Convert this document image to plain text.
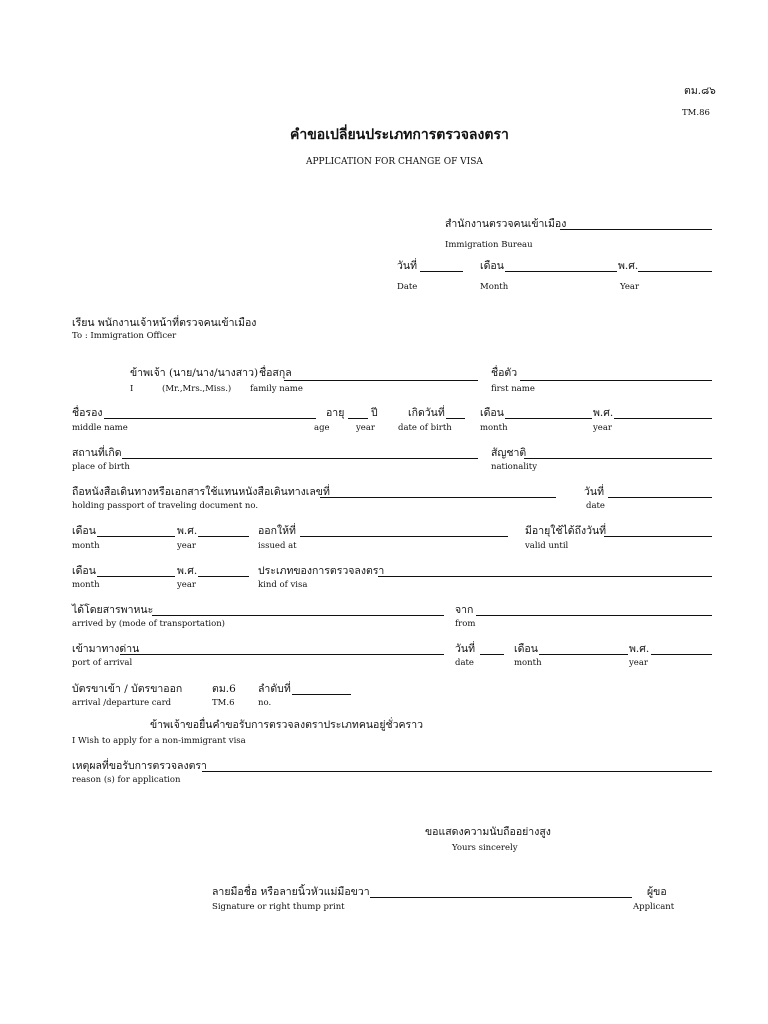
ตม.๘๖
TM.86
คำขอเปลี่ยนประเภทการตรวจลงตรา
APPLICATION FOR CHANGE OF VISA
สำนักงานตรวจคนเข้าเมือง
Immigration Bureau
วันที่	เดือน	พ.ศ.
Date	Month	Year
เรียน พนักงานเจ้าหน้าที่ตรวจคนเข้าเมือง
To : Immigration Officer
ข้าพเจ้า (นาย/นาง/นางสาว) ชื่อสกุล	ชื่อตัว
I	(Mr.,Mrs.,Miss.) family name	first name
ชื่อรอง	อายุ	ปี	เกิดวันที่	เดือน	พ.ศ.
middle name	age	year	date of birth	month	year
สถานที่เกิด	สัญชาติ
place of birth	nationality
ถือหนังสือเดินทางหรือเอกสารใช้แทนหนังสือเดินทางเลขที่	วันที่
holding passport of traveling document no.	date
เดือน	พ.ศ.	ออกให้ที่	มีอายุใช้ได้ถึงวันที่
month	year	issued at	valid until
เดือน	พ.ศ.	ประเภทของการตรวจลงตรา
month	year	kind of visa
ได้โดยสารพาหนะ	จาก
arrived by (mode of transportation)	from
เข้ามาทางด่าน	วันที่	เดือน	พ.ศ.
port of arrival	date	month	year
บัตรขาเข้า / บัตรขาออก	ตม.6 ลำดับที่
arrival /departure card	TM.6	no.
ข้าพเจ้าขอยื่นคำขอรับการตรวจลงตราประเภทคนอยู่ชั่วคราว
I Wish to apply for a non-immigrant visa
เหตุผลที่ขอรับการตรวจลงตรา
reason (s) for application
ขอแสดงความนับถืออย่างสูง
Yours sincerely
ลายมือชื่อ หรือลายนิ้วหัวแม่มือขวา	ผู้ขอ
Signature or right thump print	Applicant
